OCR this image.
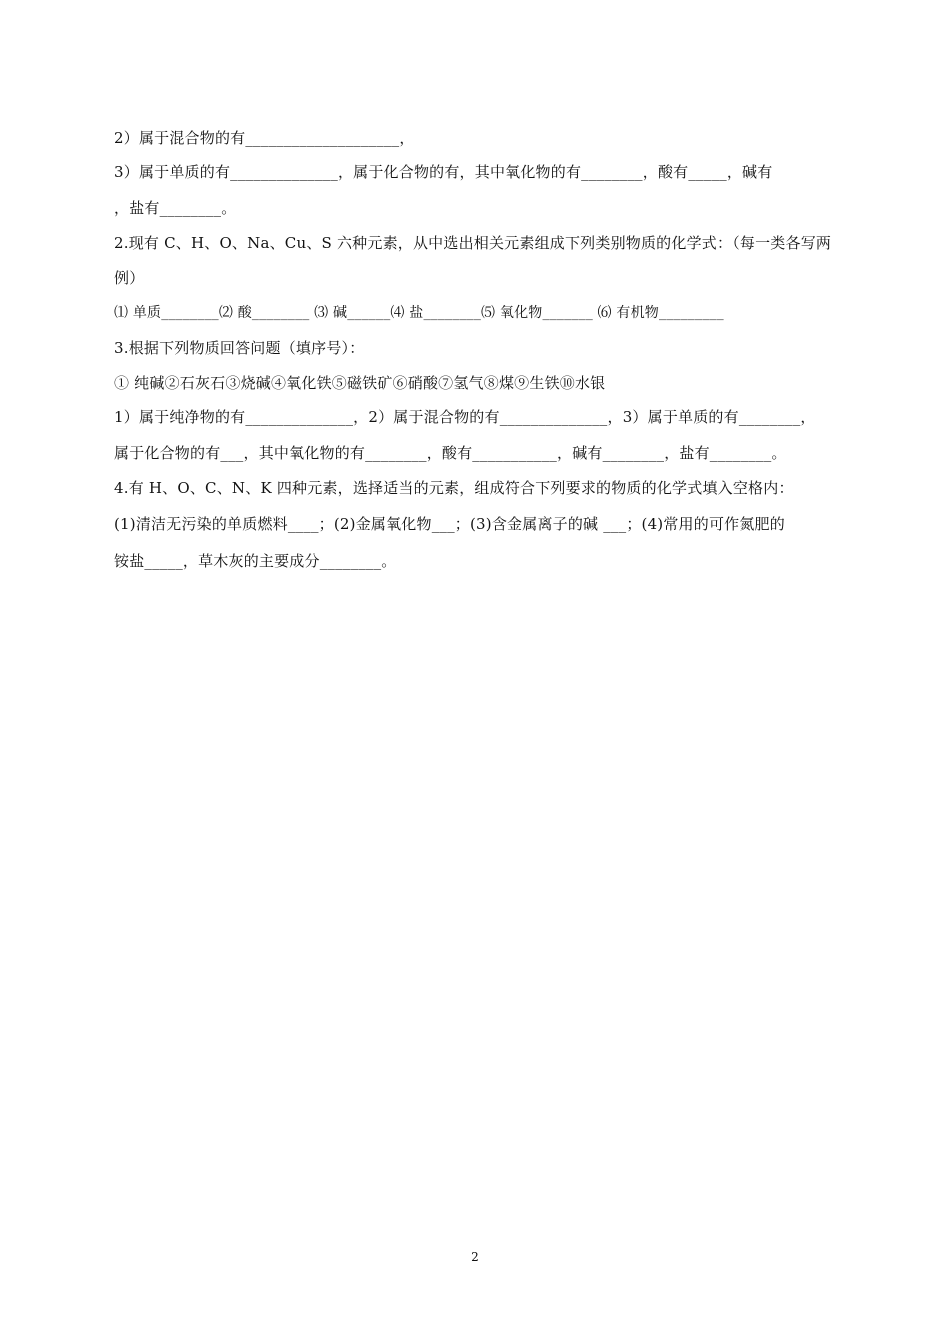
2）属于混合物的有____________________，
3）属于单质的有______________，属于化合物的有，其中氧化物的有________，酸有_____，碱有
，盐有________。
2.现有 C、H、O、Na、Cu、S 六种元素，从中选出相关元素组成下列类别物质的化学式：（每一类各写两
例）
⑴ 单质________⑵ 酸________ ⑶ 碱______⑷ 盐________⑸ 氧化物_______ ⑹ 有机物_________
3.根据下列物质回答问题（填序号）：
① 纯碱②石灰石③烧碱④氧化铁⑤磁铁矿⑥硝酸⑦氢气⑧煤⑨生铁⑩水银
1）属于纯净物的有______________，2）属于混合物的有______________，3）属于单质的有________，
属于化合物的有___，其中氧化物的有________，酸有___________，碱有________，盐有________。
4.有 H、O、C、N、K 四种元素，选择适当的元素，组成符合下列要求的物质的化学式填入空格内：
(1)清洁无污染的单质燃料____；(2)金属氧化物___；(3)含金属离子的碱 ___；(4)常用的可作氮肥的
铵盐_____，草木灰的主要成分________。
2
